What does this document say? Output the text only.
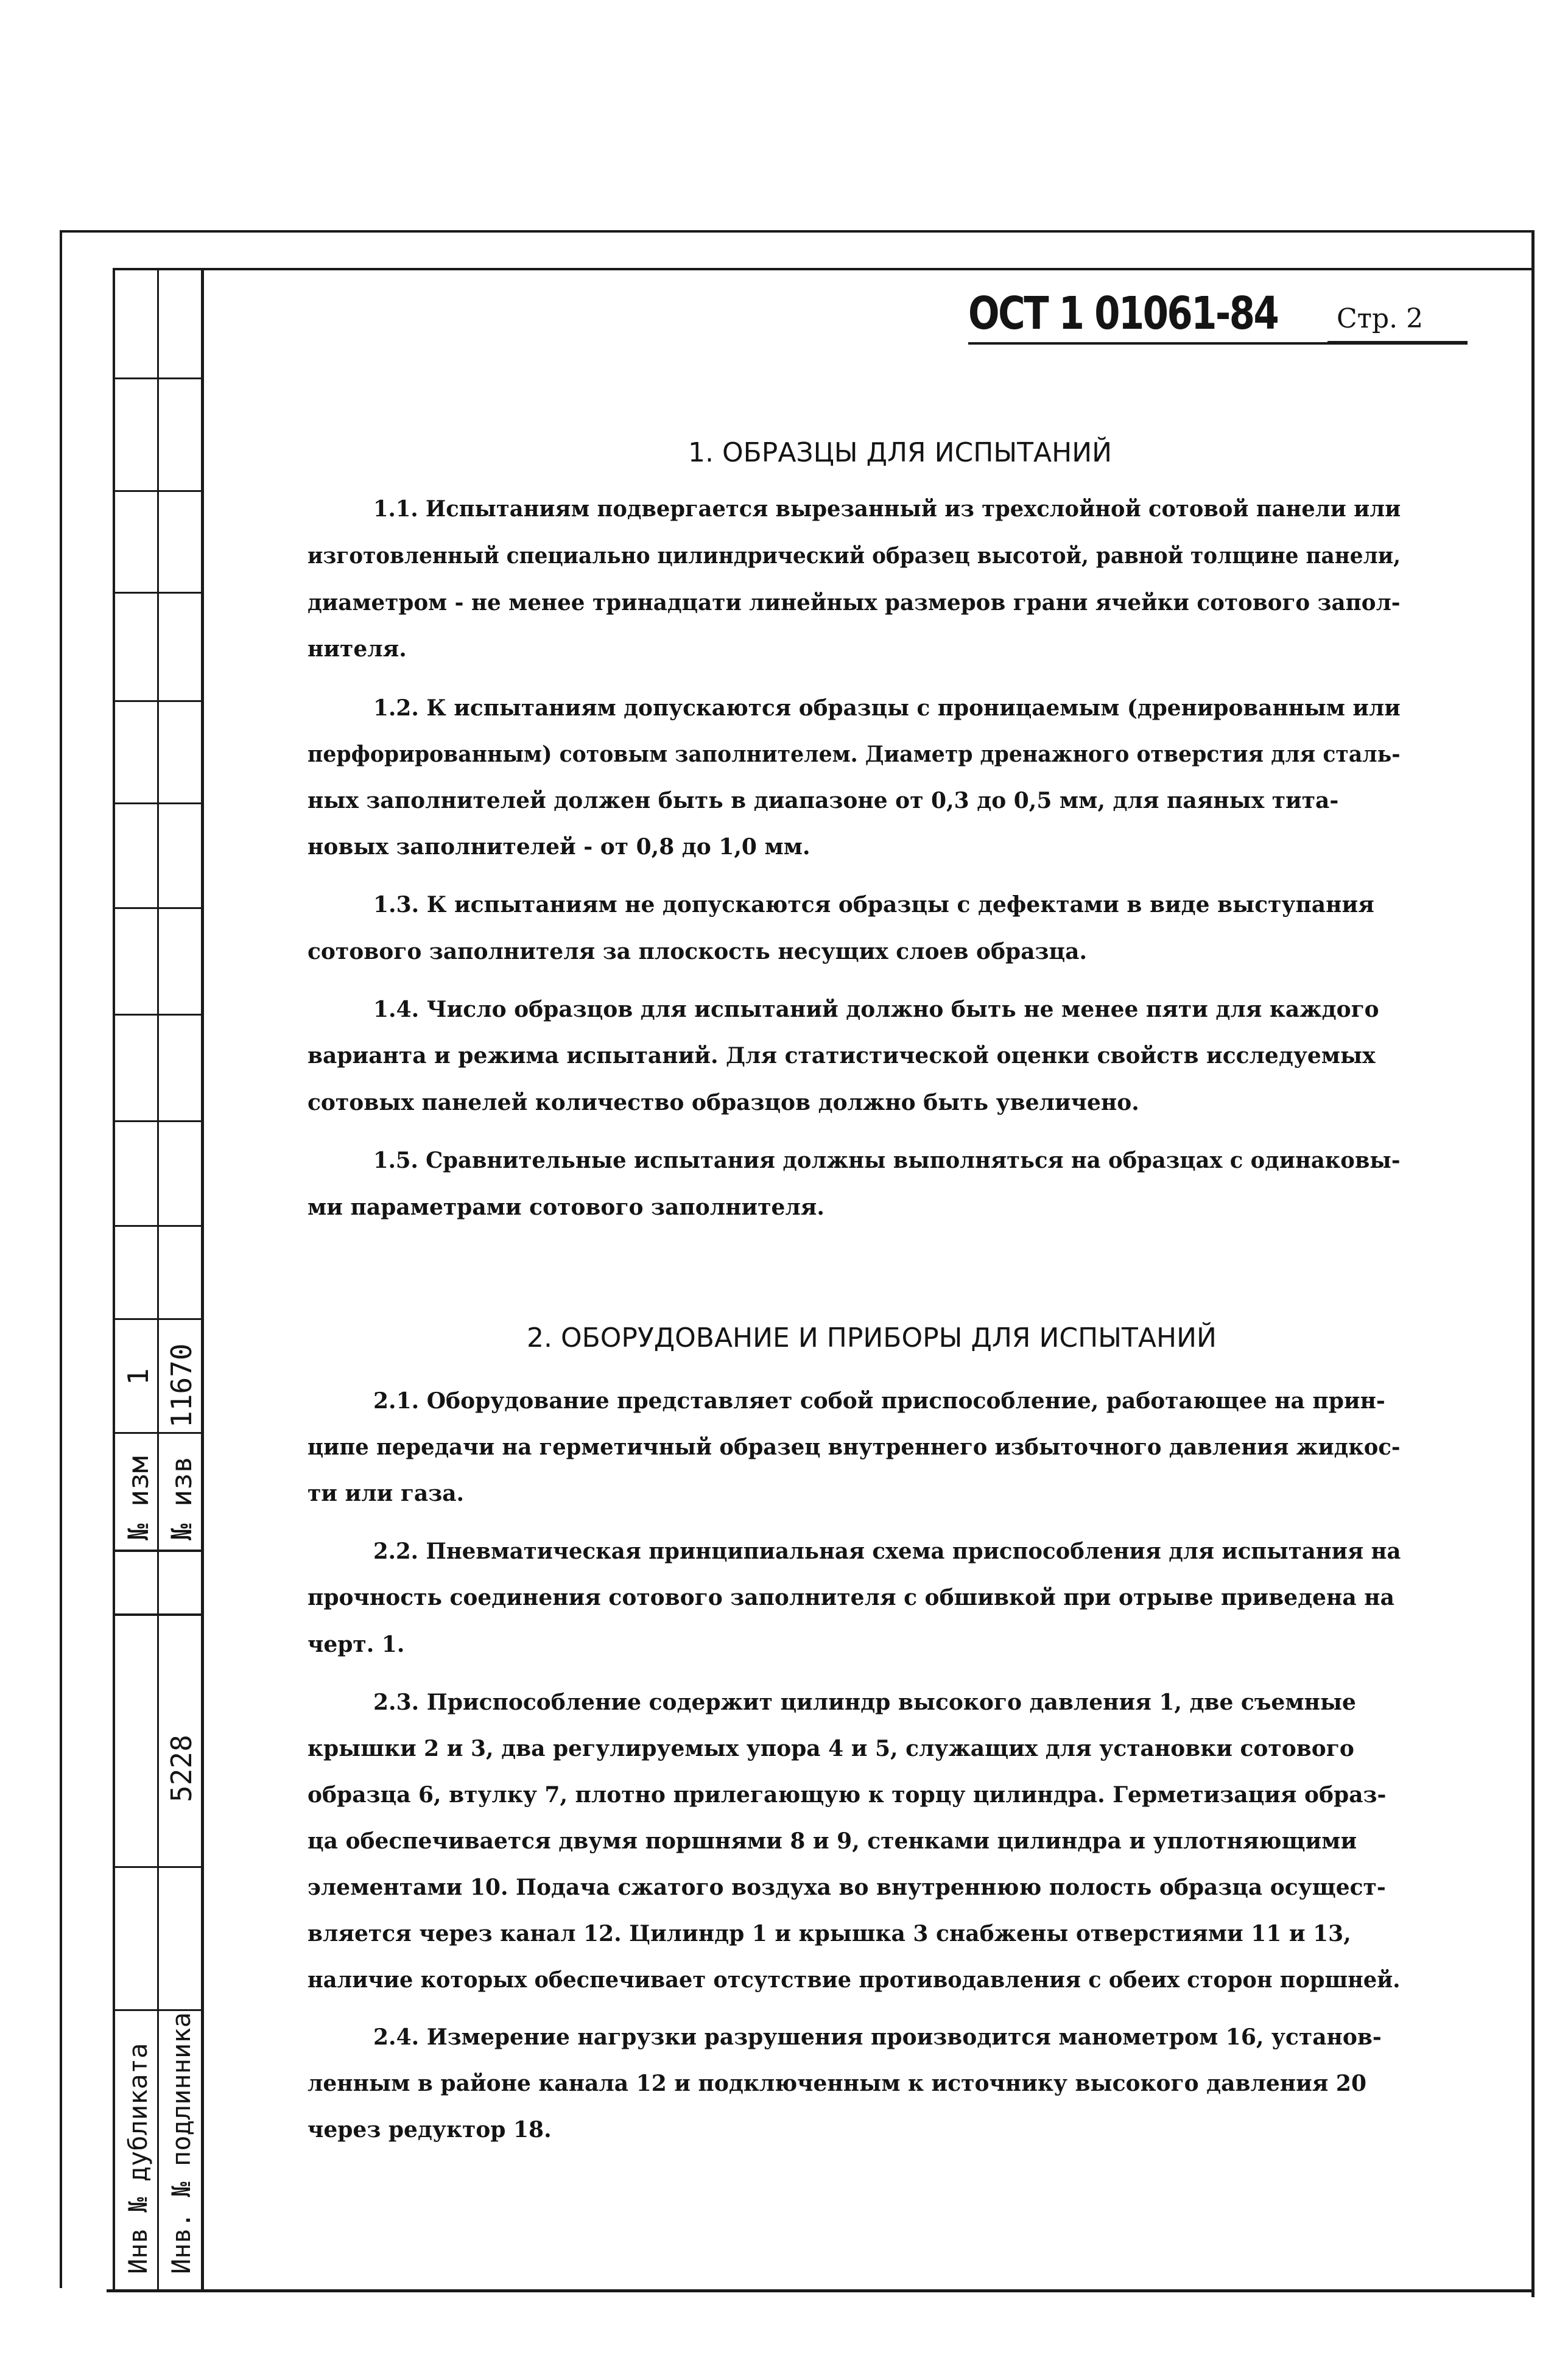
№ изм
1
№ изв
11670
5228
Инв № дубликата Инв. № подлинника
ОСТ 1 01061-84 Стр. 2
1. ОБРАЗЦЫ ДЛЯ ИСПЫТАНИЙ
1.1. Испытаниям подвергается вырезанный из трехслойной сотовой панели или
изготовленный специально цилиндрический образец высотой, равной толщине панели,
диаметром - не менее тринадцати линейных размеров грани ячейки сотового запол-
нителя.
1.2. К испытаниям допускаются образцы с проницаемым (дренированным или
перфорированным) сотовым заполнителем. Диаметр дренажного отверстия для сталь-
ных заполнителей должен быть в диапазоне от 0,3 до 0,5 мм, для паяных тита-
новых заполнителей - от 0,8 до 1,0 мм.
1.3. К испытаниям не допускаются образцы с дефектами в виде выступания
сотового заполнителя за плоскость несущих слоев образца.
1.4. Число образцов для испытаний должно быть не менее пяти для каждого
варианта и режима испытаний. Для статистической оценки свойств исследуемых
сотовых панелей количество образцов должно быть увеличено.
1.5. Сравнительные испытания должны выполняться на образцах с одинаковы-
ми параметрами сотового заполнителя.
2. ОБОРУДОВАНИЕ И ПРИБОРЫ ДЛЯ ИСПЫТАНИЙ
2.1. Оборудование представляет собой приспособление, работающее на прин-
ципе передачи на герметичный образец внутреннего избыточного давления жидкос-
ти или газа.
2.2. Пневматическая принципиальная схема приспособления для испытания на
прочность соединения сотового заполнителя с обшивкой при отрыве приведена на
черт. 1.
2.3. Приспособление содержит цилиндр высокого давления 1, две съемные
крышки 2 и 3, два регулируемых упора 4 и 5, служащих для установки сотового
образца 6, втулку 7, плотно прилегающую к торцу цилиндра. Герметизация образ-
ца обеспечивается двумя поршнями 8 и 9, стенками цилиндра и уплотняющими
элементами 10. Подача сжатого воздуха во внутреннюю полость образца осущест-
вляется через канал 12. Цилиндр 1 и крышка 3 снабжены отверстиями 11 и 13,
наличие которых обеспечивает отсутствие противодавления с обеих сторон поршней.
2.4. Измерение нагрузки разрушения производится манометром 16, установ-
ленным в районе канала 12 и подключенным к источнику высокого давления 20
через редуктор 18.
